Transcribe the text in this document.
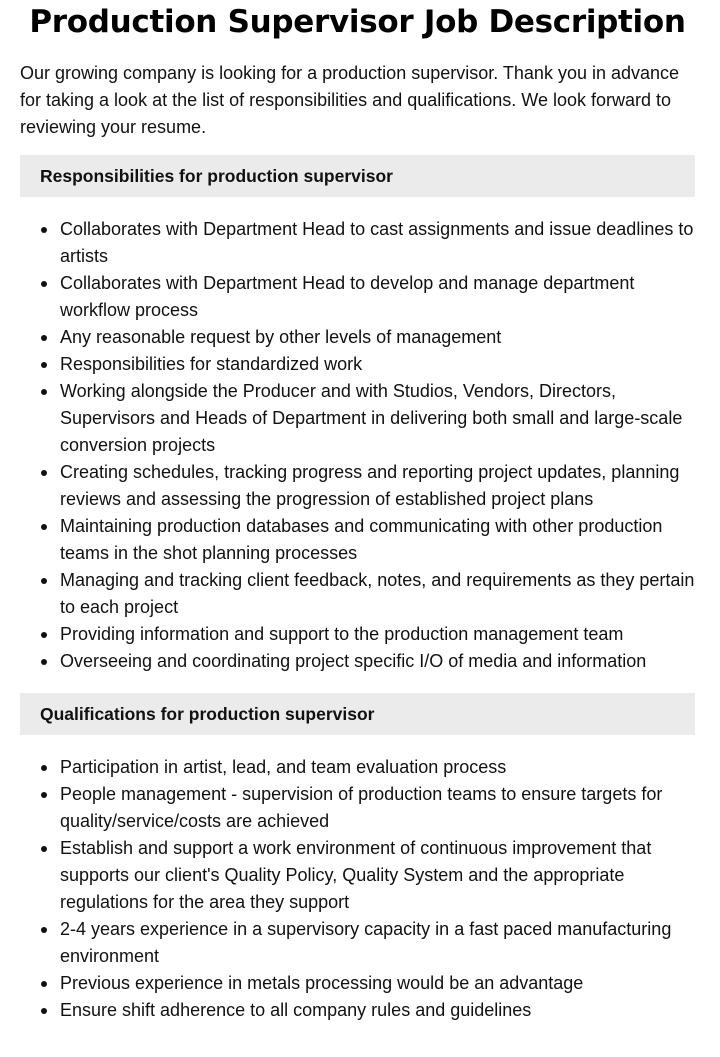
Production Supervisor Job Description

Our growing company is looking for a production supervisor. Thank you in advance for taking a look at the list of responsibilities and qualifications. We look forward to reviewing your resume.

Responsibilities for production supervisor
Collaborates with Department Head to cast assignments and issue deadlines to artists
Collaborates with Department Head to develop and manage department workflow process
Any reasonable request by other levels of management
Responsibilities for standardized work
Working alongside the Producer and with Studios, Vendors, Directors, Supervisors and Heads of Department in delivering both small and large-scale conversion projects
Creating schedules, tracking progress and reporting project updates, planning reviews and assessing the progression of established project plans
Maintaining production databases and communicating with other production teams in the shot planning processes
Managing and tracking client feedback, notes, and requirements as they pertain to each project
Providing information and support to the production management team
Overseeing and coordinating project specific I/O of media and information
Qualifications for production supervisor
Participation in artist, lead, and team evaluation process
People management - supervision of production teams to ensure targets for quality/service/costs are achieved
Establish and support a work environment of continuous improvement that supports our client's Quality Policy, Quality System and the appropriate regulations for the area they support
2-4 years experience in a supervisory capacity in a fast paced manufacturing environment
Previous experience in metals processing would be an advantage
Ensure shift adherence to all company rules and guidelines
